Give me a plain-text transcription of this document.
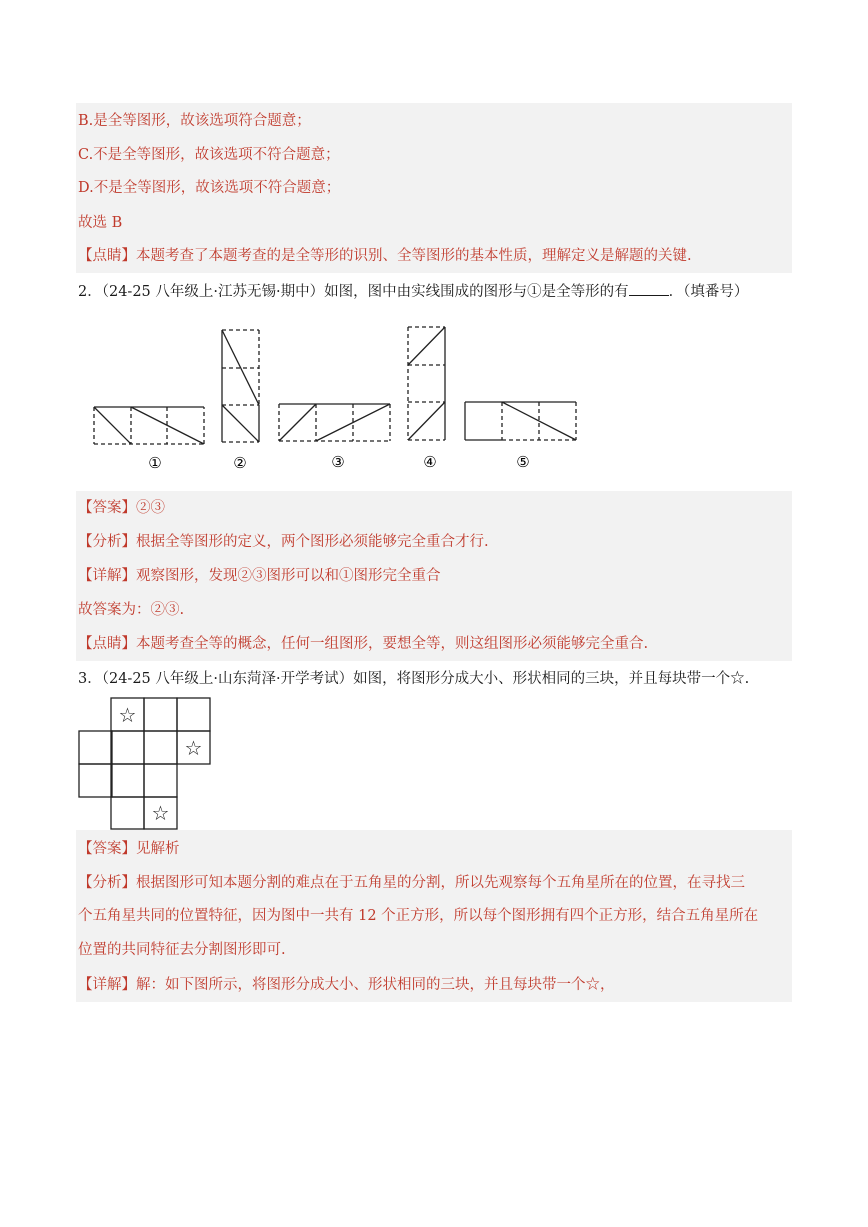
B.是全等图形，故该选项符合题意；
C.不是全等图形，故该选项不符合题意；
D.不是全等图形，故该选项不符合题意；
故选 B
【点睛】本题考查了本题考查的是全等形的识别、全等图形的基本性质，理解定义是解题的关键.
2．（24-25 八年级上·江苏无锡·期中）如图，图中由实线围成的图形与①是全等形的有	．（填番号）
①	②	③	④	⑤
【答案】②③
【分析】根据全等图形的定义，两个图形必须能够完全重合才行.
【详解】观察图形，发现②③图形可以和①图形完全重合
故答案为：②③.
【点睛】本题考查全等的概念，任何一组图形，要想全等，则这组图形必须能够完全重合.
3．（24-25 八年级上·山东菏泽·开学考试）如图，将图形分成大小、形状相同的三块，并且每块带一个☆.
☆
☆
☆
【答案】见解析
【分析】根据图形可知本题分割的难点在于五角星的分割，所以先观察每个五角星所在的位置，在寻找三
个五角星共同的位置特征，因为图中一共有 12 个正方形，所以每个图形拥有四个正方形，结合五角星所在
位置的共同特征去分割图形即可.
【详解】解：如下图所示，将图形分成大小、形状相同的三块，并且每块带一个☆，
